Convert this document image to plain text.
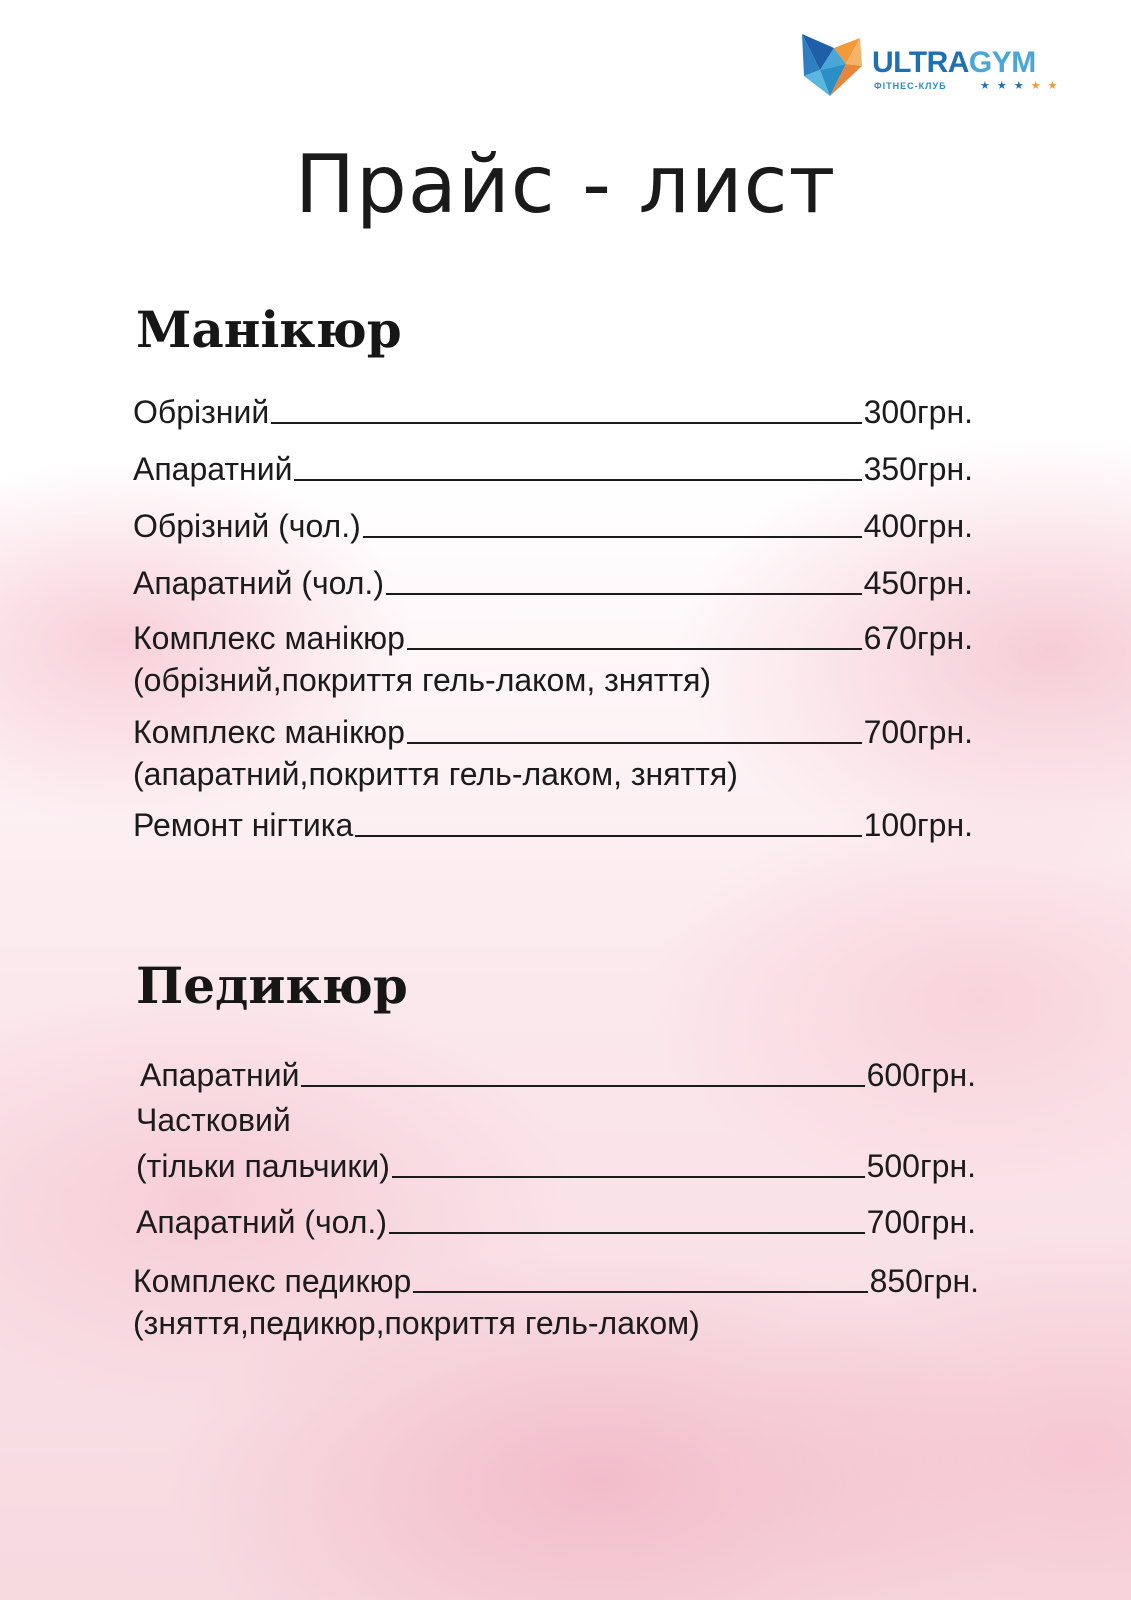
ULTRAGYM
ФІТНЕС-КЛУБ	★ ★ ★ ★ ★
Прайс - лист
Манікюр
Обрізний	300грн.
Апаратний	350грн.
Обрізний (чол.)	400грн.
Апаратний (чол.)	450грн.
Комплекс манікюр	670грн.
(обрізний,покриття гель-лаком, зняття)
Комплекс манікюр	700грн.
(апаратний,покриття гель-лаком, зняття)
Ремонт нігтика	100грн.
Педикюр
Апаратний	600грн.
Частковий
(тільки пальчики)	500грн.
Апаратний (чол.)	700грн.
Комплекс педикюр	850грн.
(зняття,педикюр,покриття гель-лаком)
